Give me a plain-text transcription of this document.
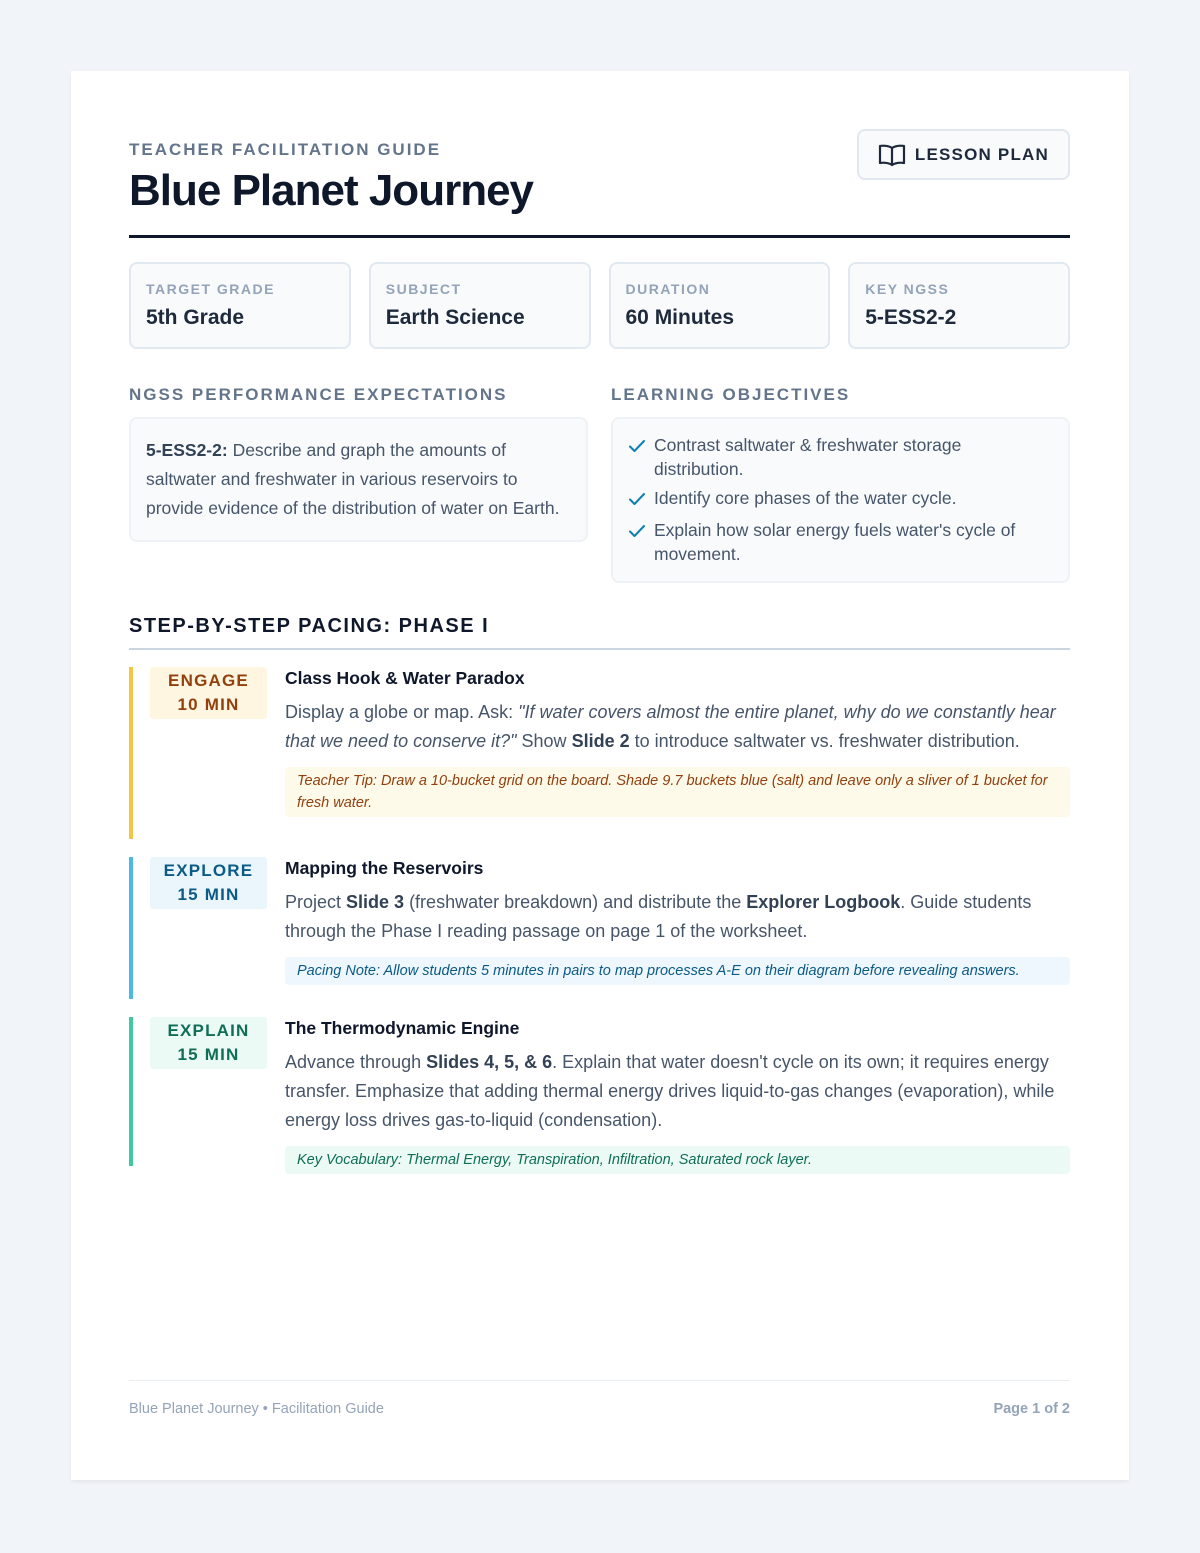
TEACHER FACILITATION GUIDE
Blue Planet Journey
LESSON PLAN
TARGET GRADE
5th Grade
SUBJECT
Earth Science
DURATION
60 Minutes
KEY NGSS
5-ESS2-2
NGSS PERFORMANCE EXPECTATIONS
5-ESS2-2: Describe and graph the amounts of saltwater and freshwater in various reservoirs to provide evidence of the distribution of water on Earth.
LEARNING OBJECTIVES
Contrast saltwater & freshwater storage distribution.
Identify core phases of the water cycle.
Explain how solar energy fuels water's cycle of movement.
STEP-BY-STEP PACING: PHASE I
ENGAGE
10 MIN
Class Hook & Water Paradox
Display a globe or map. Ask: "If water covers almost the entire planet, why do we constantly hear that we need to conserve it?" Show Slide 2 to introduce saltwater vs. freshwater distribution.
Teacher Tip: Draw a 10-bucket grid on the board. Shade 9.7 buckets blue (salt) and leave only a sliver of 1 bucket for fresh water.
EXPLORE
15 MIN
Mapping the Reservoirs
Project Slide 3 (freshwater breakdown) and distribute the Explorer Logbook. Guide students through the Phase I reading passage on page 1 of the worksheet.
Pacing Note: Allow students 5 minutes in pairs to map processes A-E on their diagram before revealing answers.
EXPLAIN
15 MIN
The Thermodynamic Engine
Advance through Slides 4, 5, & 6. Explain that water doesn't cycle on its own; it requires energy transfer. Emphasize that adding thermal energy drives liquid-to-gas changes (evaporation), while energy loss drives gas-to-liquid (condensation).
Key Vocabulary: Thermal Energy, Transpiration, Infiltration, Saturated rock layer.
Blue Planet Journey • Facilitation Guide	Page 1 of 2
